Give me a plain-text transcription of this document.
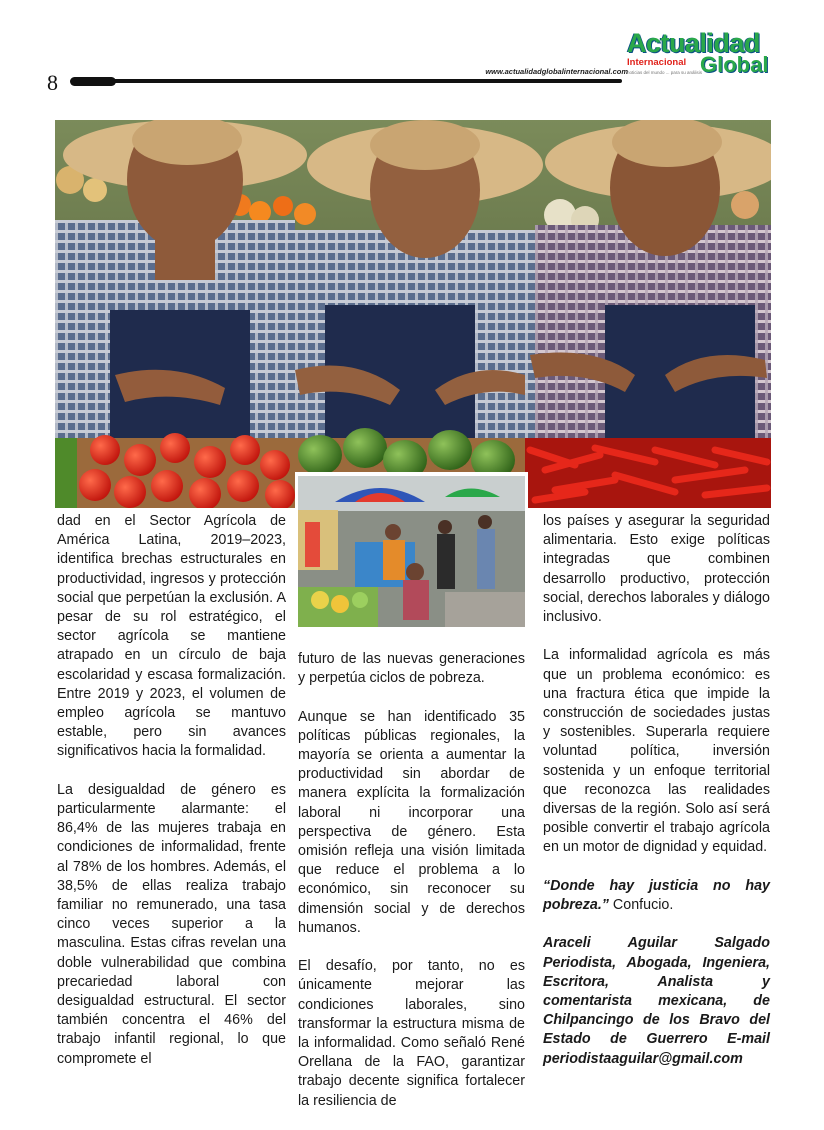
8	www.actualidadglobalinternacional.com
Actualidad
Internacional Global
noticias del mundo ... para su análisis

dad en el Sector Agrícola de América Latina, 2019–2023, identifica brechas estructurales en productividad, ingresos y protección social que perpetúan la exclusión. A pesar de su rol estratégico, el sector agrícola se mantiene atrapado en un círculo de baja escolaridad y escasa formalización. Entre 2019 y 2023, el volumen de empleo agrícola se mantuvo estable, pero sin avances significativos hacia la formalidad.

La desigualdad de género es particularmente alarmante: el 86,4% de las mujeres trabaja en condiciones de informalidad, frente al 78% de los hombres. Además, el 38,5% de ellas realiza trabajo familiar no remunerado, una tasa cinco veces superior a la masculina. Estas cifras revelan una doble vulnerabilidad que combina precariedad laboral con desigualdad estructural. El sector también concentra el 46% del trabajo infantil regional, lo que compromete el

futuro de las nuevas generaciones y perpetúa ciclos de pobreza.

Aunque se han identificado 35 políticas públicas regionales, la mayoría se orienta a aumentar la productividad sin abordar de manera explícita la formalización laboral ni incorporar una perspectiva de género. Esta omisión refleja una visión limitada que reduce el problema a lo económico, sin reconocer su dimensión social y de derechos humanos.

El desafío, por tanto, no es únicamente mejorar las condiciones laborales, sino transformar la estructura misma de la informalidad. Como señaló René Orellana de la FAO, garantizar trabajo decente significa fortalecer la resiliencia de

los países y asegurar la seguridad alimentaria. Esto exige políticas integradas que combinen desarrollo productivo, protección social, derechos laborales y diálogo inclusivo.

La informalidad agrícola es más que un problema económico: es una fractura ética que impide la construcción de sociedades justas y sostenibles. Superarla requiere voluntad política, inversión sostenida y un enfoque territorial que reconozca las realidades diversas de la región. Solo así será posible convertir el trabajo agrícola en un motor de dignidad y equidad.

“Donde hay justicia no hay pobreza.” Confucio.

Araceli Aguilar Salgado Periodista, Abogada, Ingeniera, Escritora, Analista y comentarista mexicana, de Chilpancingo de los Bravo del Estado de Guerrero E-mail periodistaaguilar@gmail.com
